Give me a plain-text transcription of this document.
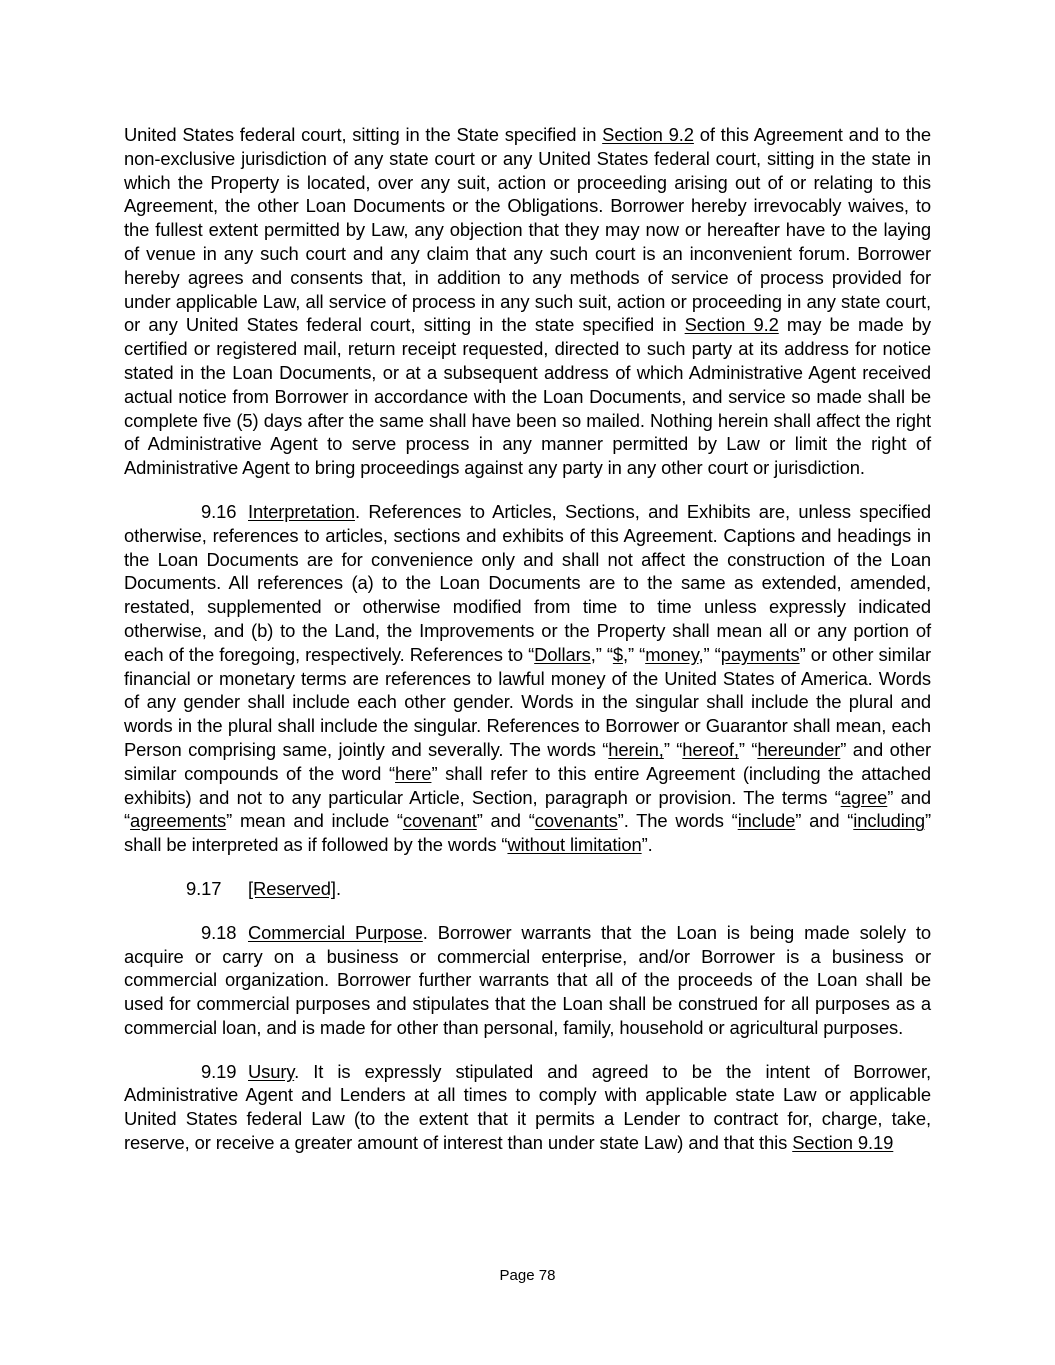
United States federal court, sitting in the State specified in Section 9.2 of this Agreement and to the non-exclusive jurisdiction of any state court or any United States federal court, sitting in the state in which the Property is located, over any suit, action or proceeding arising out of or relating to this Agreement, the other Loan Documents or the Obligations. Borrower hereby irrevocably waives, to the fullest extent permitted by Law, any objection that they may now or hereafter have to the laying of venue in any such court and any claim that any such court is an inconvenient forum. Borrower hereby agrees and consents that, in addition to any methods of service of process provided for under applicable Law, all service of process in any such suit, action or proceeding in any state court, or any United States federal court, sitting in the state specified in Section 9.2 may be made by certified or registered mail, return receipt requested, directed to such party at its address for notice stated in the Loan Documents, or at a subsequent address of which Administrative Agent received actual notice from Borrower in accordance with the Loan Documents, and service so made shall be complete five (5) days after the same shall have been so mailed. Nothing herein shall affect the right of Administrative Agent to serve process in any manner permitted by Law or limit the right of Administrative Agent to bring proceedings against any party in any other court or jurisdiction.

9.16 Interpretation. References to Articles, Sections, and Exhibits are, unless specified otherwise, references to articles, sections and exhibits of this Agreement. Captions and headings in the Loan Documents are for convenience only and shall not affect the construction of the Loan Documents. All references (a) to the Loan Documents are to the same as extended, amended, restated, supplemented or otherwise modified from time to time unless expressly indicated otherwise, and (b) to the Land, the Improvements or the Property shall mean all or any portion of each of the foregoing, respectively. References to “Dollars,” “$,” “money,” “payments” or other similar financial or monetary terms are references to lawful money of the United States of America. Words of any gender shall include each other gender. Words in the singular shall include the plural and words in the plural shall include the singular. References to Borrower or Guarantor shall mean, each Person comprising same, jointly and severally. The words “herein,” “hereof,” “hereunder” and other similar compounds of the word “here” shall refer to this entire Agreement (including the attached exhibits) and not to any particular Article, Section, paragraph or provision. The terms “agree” and “agreements” mean and include “covenant” and “covenants”. The words “include” and “including” shall be interpreted as if followed by the words “without limitation”.

9.17 [Reserved].

9.18 Commercial Purpose. Borrower warrants that the Loan is being made solely to acquire or carry on a business or commercial enterprise, and/or Borrower is a business or commercial organization. Borrower further warrants that all of the proceeds of the Loan shall be used for commercial purposes and stipulates that the Loan shall be construed for all purposes as a commercial loan, and is made for other than personal, family, household or agricultural purposes.

9.19 Usury. It is expressly stipulated and agreed to be the intent of Borrower, Administrative Agent and Lenders at all times to comply with applicable state Law or applicable United States federal Law (to the extent that it permits a Lender to contract for, charge, take, reserve, or receive a greater amount of interest than under state Law) and that this Section 9.19

Page 78
